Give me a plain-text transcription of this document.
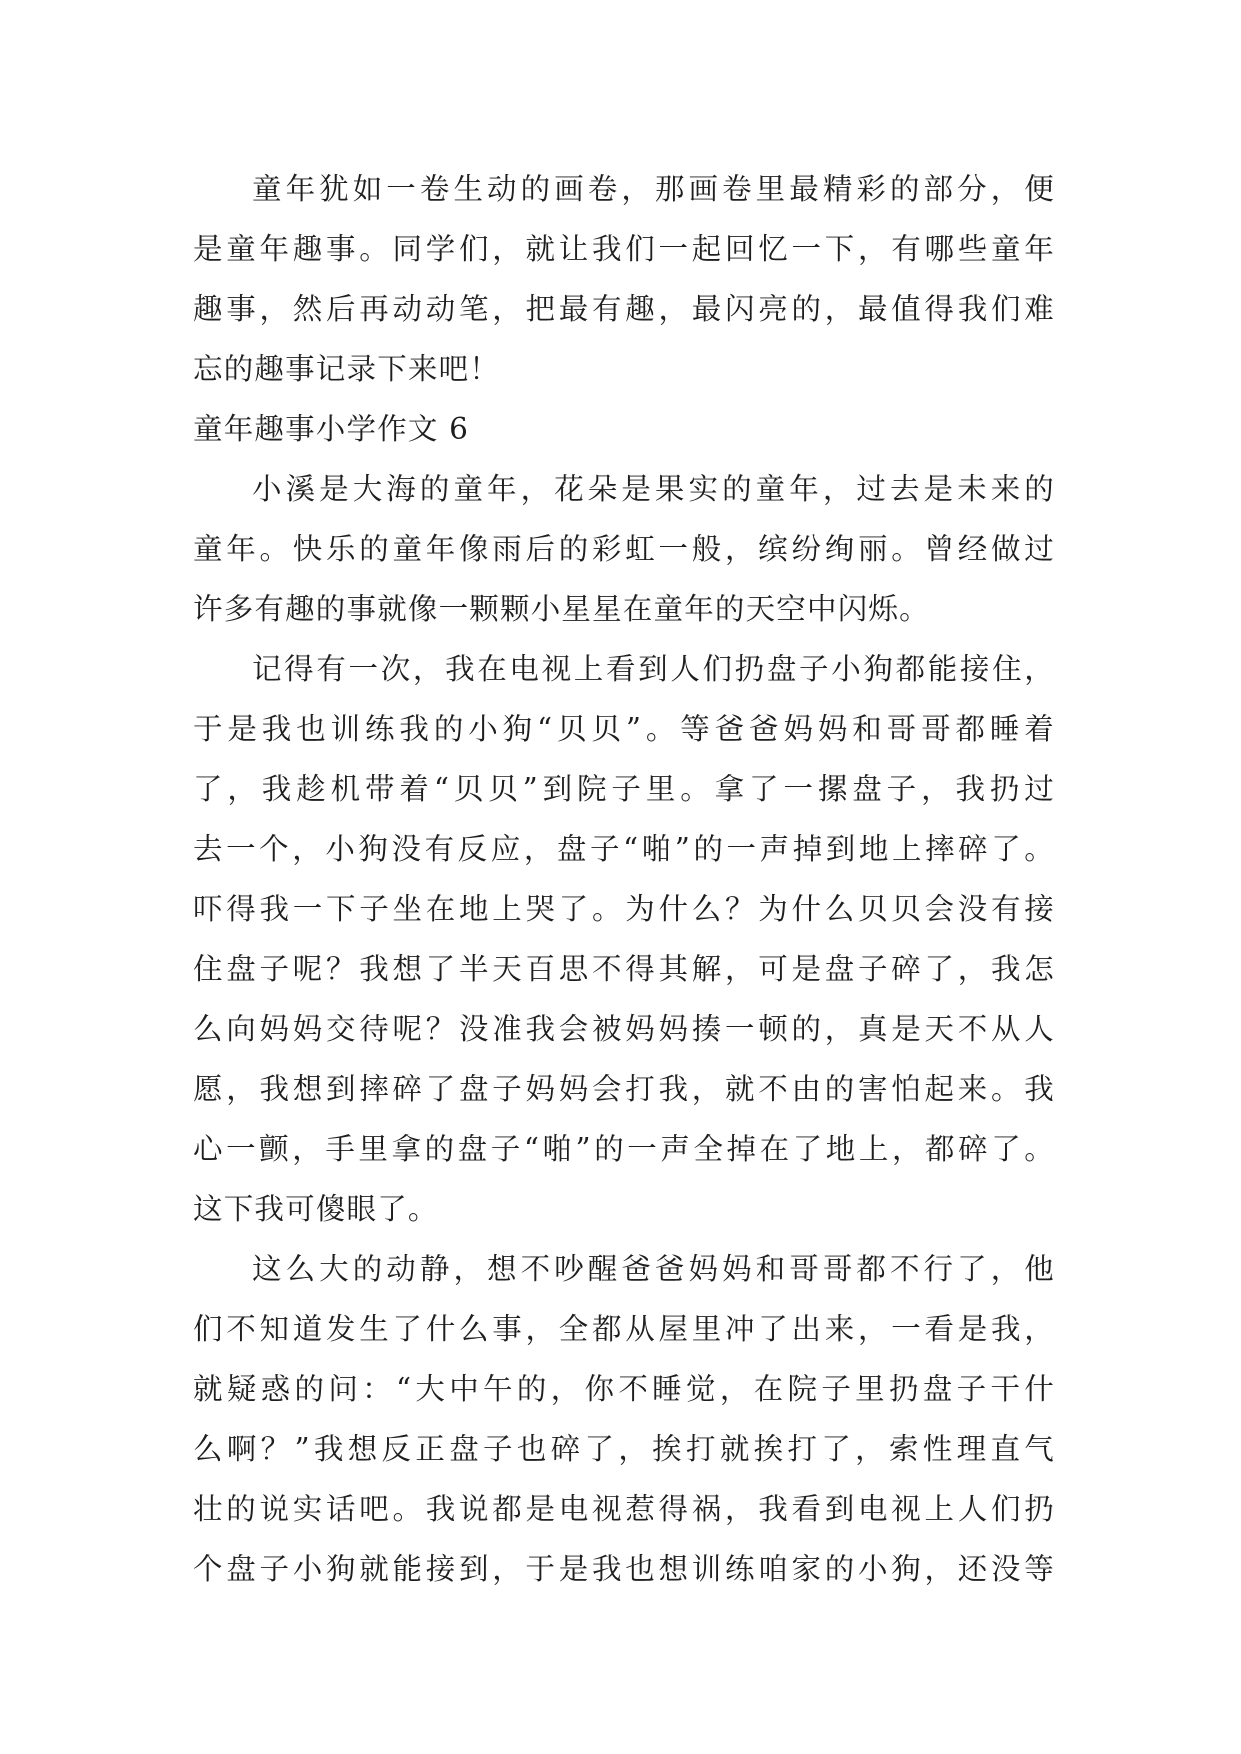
童年犹如一卷生动的画卷，那画卷里最精彩的部分，便
是童年趣事。同学们，就让我们一起回忆一下，有哪些童年
趣事，然后再动动笔，把最有趣，最闪亮的，最值得我们难
忘的趣事记录下来吧！
童年趣事小学作文 6
小溪是大海的童年，花朵是果实的童年，过去是未来的
童年。快乐的童年像雨后的彩虹一般，缤纷绚丽。曾经做过
许多有趣的事就像一颗颗小星星在童年的天空中闪烁。
记得有一次，我在电视上看到人们扔盘子小狗都能接住，
于是我也训练我的小狗“贝贝”。等爸爸妈妈和哥哥都睡着
了，我趁机带着“贝贝”到院子里。拿了一摞盘子，我扔过
去一个，小狗没有反应，盘子“啪”的一声掉到地上摔碎了。
吓得我一下子坐在地上哭了。为什么？为什么贝贝会没有接
住盘子呢？我想了半天百思不得其解，可是盘子碎了，我怎
么向妈妈交待呢？没准我会被妈妈揍一顿的，真是天不从人
愿，我想到摔碎了盘子妈妈会打我，就不由的害怕起来。我
心一颤，手里拿的盘子“啪”的一声全掉在了地上，都碎了。
这下我可傻眼了。
这么大的动静，想不吵醒爸爸妈妈和哥哥都不行了，他
们不知道发生了什么事，全都从屋里冲了出来，一看是我，
就疑惑的问：“大中午的，你不睡觉，在院子里扔盘子干什
么啊？”我想反正盘子也碎了，挨打就挨打了，索性理直气
壮的说实话吧。我说都是电视惹得祸，我看到电视上人们扔
个盘子小狗就能接到，于是我也想训练咱家的小狗，还没等
